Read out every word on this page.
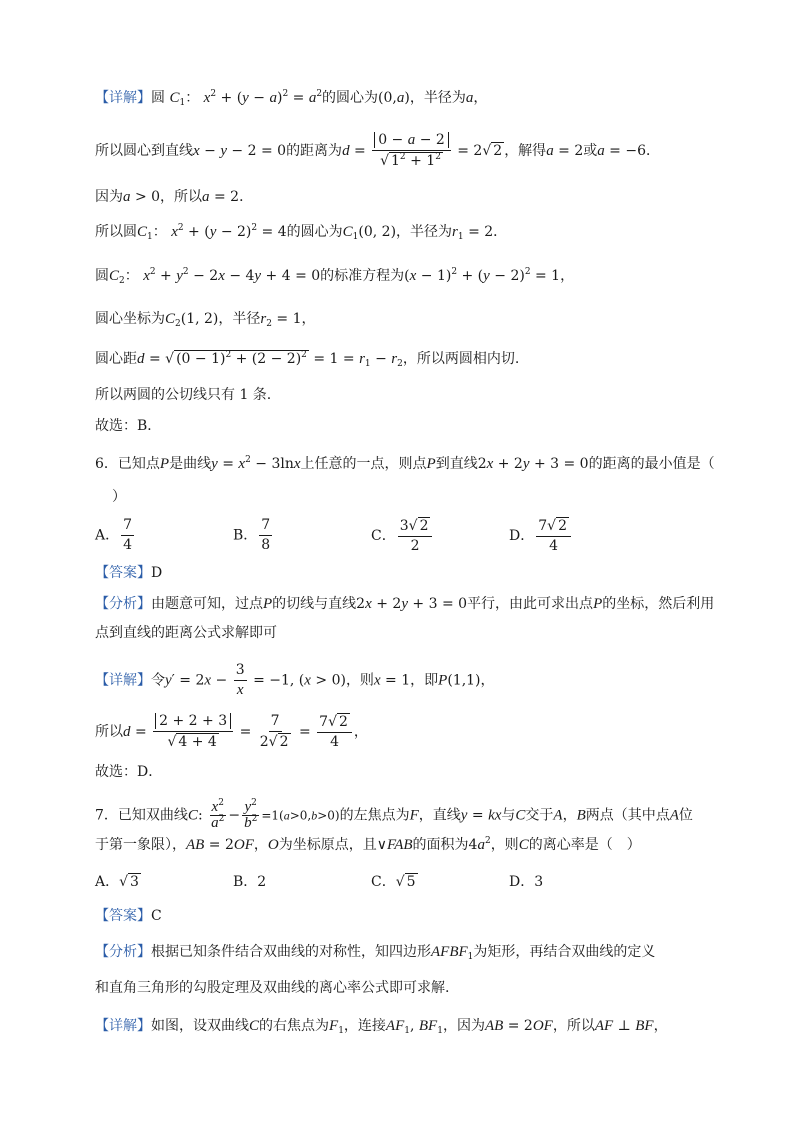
【详解】圆 $C_1$： $x^2 + (y - a)^2 = a^2$的圆心为(0,a)，半径为a，
所以圆心到直线x − y − 2 = 0的距离为$d = \frac{0 - a - 2}{√ 1^2 + 1^2} = 2√$ 2 ，解得a = 2或a = −6．
因为a > 0，所以a = 2．
所以圆$C_1$： $x^2 + (y - 2)^2 = 4$的圆心为$C_1(0$, 2)，半径为$r_1 = 2$．
圆$C_2$： $x^2 + y^2 - 2x - 4y + 4 = 0$的标准方程为$(x - 1)^2 + (y - 2)^2 = 1$，
圆心坐标为$C_2(1$, 2)，半径$r_2 = 1$，
圆心距d = √ $(0 - 1)^2 + (2 - 2)^2 = 1 = r_1 - r_2$，所以两圆相内切.
所以两圆的公切线只有 1 条.
故选：B．
6．已知点P是曲线$y = x^2 - 3\ln x$上任意的一点，则点P到直线2x + 2y + 3 = 0的距离的最小值是（
）
A． $\frac{7}{4}$	B． $\frac{7}{8}$	C． $\frac{3√ 2}{2}$	D． $\frac{7√ 2}{4}$
【答案】D
【分析】由题意可知，过点P的切线与直线2x + 2y + 3 = 0平行，由此可求出点P的坐标，然后利用
点到直线的距离公式求解即可
【详解】令$y' = 2x - \frac{3}{x} = -1$, (x > 0)，则x = 1，即P(1,1)，
所以$d = \frac{2 + 2 + 3}{√ 4 + 4} = \frac{7}{2√ 2} = \frac{7√ 2}{4}$ ，
故选：D．
7．已知双曲线C: $\frac{x^2}{a^2} - \frac{y^2}{b^2} =1(a>0,b>0)$的左焦点为F，直线y = kx与C交于A，B两点（其中点A位
于第一象限），AB = 2OF，O为坐标原点，且∨FAB的面积为$4a^2$，则C的离心率是（　）
A．√ 3	B．2	C．√ 5	D．3
【答案】C
【分析】根据已知条件结合双曲线的对称性，知四边形$AFBF_1$为矩形，再结合双曲线的定义
和直角三角形的勾股定理及双曲线的离心率公式即可求解.
【详解】如图，设双曲线C的右焦点为$F_1$，连接$AF_1$, $BF_1$，因为AB = 2OF，所以AF ⊥ BF，
